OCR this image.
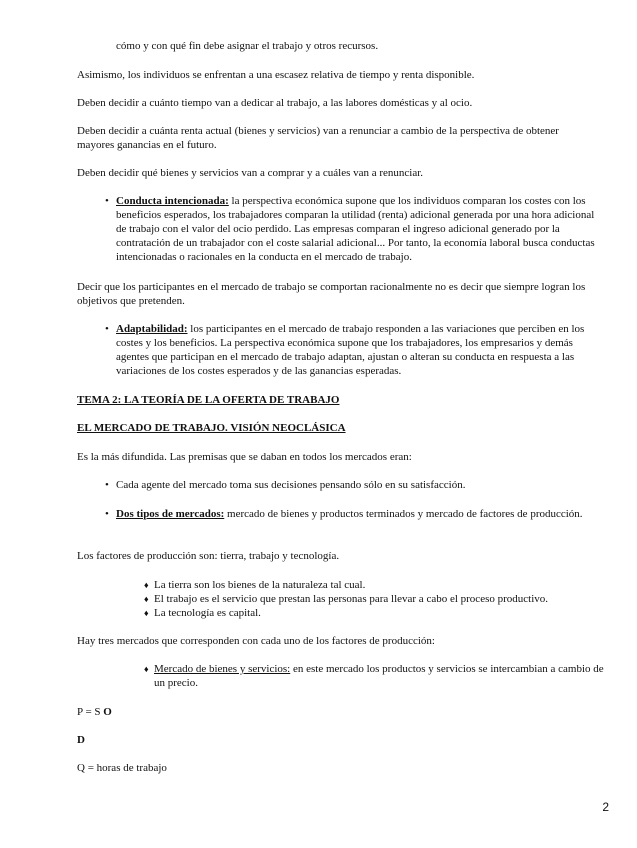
cómo y con qué fin debe asignar el trabajo y otros recursos.

Asimismo, los individuos se enfrentan a una escasez relativa de tiempo y renta disponible.

Deben decidir a cuánto tiempo van a dedicar al trabajo, a las labores domésticas y al ocio.

Deben decidir a cuánta renta actual (bienes y servicios) van a renunciar a cambio de la perspectiva de obtener

mayores ganancias en el futuro.

Deben decidir qué bienes y servicios van a comprar y a cuáles van a renunciar.

• Conducta intencionada: la perspectiva económica supone que los individuos comparan los costes con los beneficios esperados, los trabajadores comparan la utilidad (renta) adicional generada por una hora adicional de trabajo con el valor del ocio perdido. Las empresas comparan el ingreso adicional generado por la contratación de un trabajador con el coste salarial adicional... Por tanto, la economía laboral busca conductas intencionadas o racionales en la conducta en el mercado de trabajo.

Decir que los participantes en el mercado de trabajo se comportan racionalmente no es decir que siempre logran los objetivos que pretenden.

• Adaptabilidad: los participantes en el mercado de trabajo responden a las variaciones que perciben en los costes y los beneficios. La perspectiva económica supone que los trabajadores, los empresarios y demás agentes que participan en el mercado de trabajo adaptan, ajustan o alteran su conducta en respuesta a las variaciones de los costes esperados y de las ganancias esperadas.

TEMA 2: LA TEORÍA DE LA OFERTA DE TRABAJO

EL MERCADO DE TRABAJO. VISIÓN NEOCLÁSICA

Es la más difundida. Las premisas que se daban en todos los mercados eran:

• Cada agente del mercado toma sus decisiones pensando sólo en su satisfacción.
• Dos tipos de mercados: mercado de bienes y productos terminados y mercado de factores de producción.

Los factores de producción son: tierra, trabajo y tecnología.

♦ La tierra son los bienes de la naturaleza tal cual.
♦ El trabajo es el servicio que prestan las personas para llevar a cabo el proceso productivo.
♦ La tecnología es capital.

Hay tres mercados que corresponden con cada uno de los factores de producción:

♦ Mercado de bienes y servicios: en este mercado los productos y servicios se intercambian a cambio de un precio.

P = S O

D

Q = horas de trabajo

2
